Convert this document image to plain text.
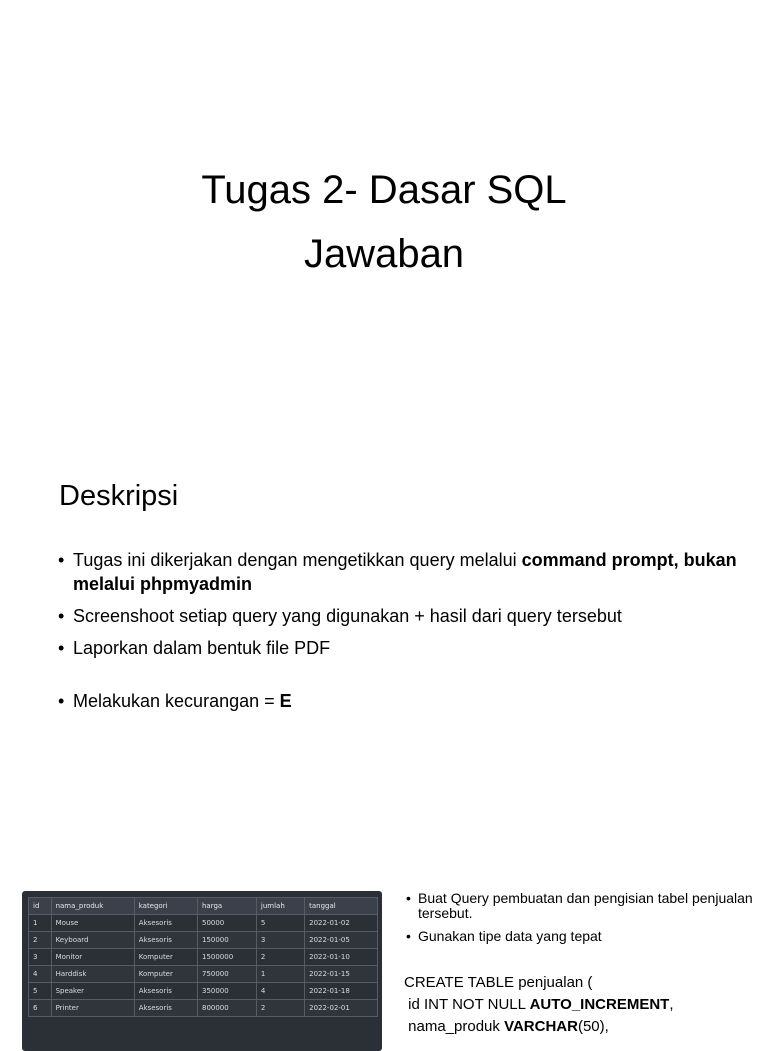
Tugas 2- Dasar SQL
Jawaban
Deskripsi
• Tugas ini dikerjakan dengan mengetikkan query melalui command prompt, bukan melalui phpmyadmin
• Screenshoot setiap query yang digunakan + hasil dari query tersebut
• Laporkan dalam bentuk file PDF
• Melakukan kecurangan = E
id	nama_produk	kategori	harga	jumlah	tanggal
1	Mouse	Aksesoris	50000	5	2022-01-02
2	Keyboard	Aksesoris	150000	3	2022-01-05
3	Monitor	Komputer	1500000	2	2022-01-10
4	Harddisk	Komputer	750000	1	2022-01-15
5	Speaker	Aksesoris	350000	4	2022-01-18
6	Printer	Aksesoris	800000	2	2022-02-01
• Buat Query pembuatan dan pengisian tabel penjualan tersebut.
• Gunakan tipe data yang tepat
CREATE TABLE penjualan (
id INT NOT NULL AUTO_INCREMENT,
nama_produk VARCHAR(50),
